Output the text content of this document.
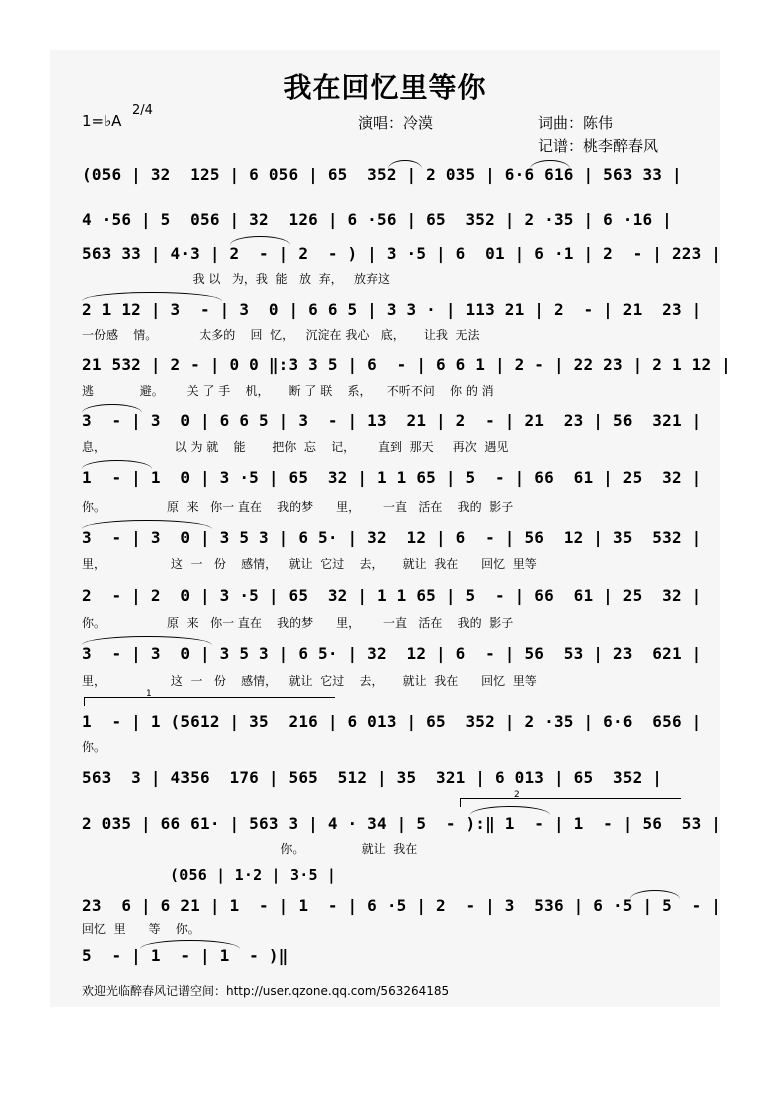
我在回忆里等你
1=♭A
2/4
演唱：冷漠	词曲：陈伟
记谱：桃李醉春风
(056 | 32  125 | 6 056 | 65  352 | 2 035 | 6·6 616 | 563 33 |
4 ·56 | 5  056 | 32  126 | 6 ·56 | 65  352 | 2 ·35 | 6 ·16 |
563 33 | 4·3 | 2  - | 2  - ) | 3 ·5 | 6  01 | 6 ·1 | 2  - | 223 |
我 以   为，我  能   放  弃，   放弃这
2 1 12 | 3  - | 3  0 | 6 6 5 | 3 3 · | 113 21 | 2  - | 21  23 |
一份感    情。           太多的    回  忆，   沉淀在 我心   底，     让我  无法
21 532 | 2 - | 0 0 ‖:3 3 5 | 6  - | 6 6 1 | 2 - | 22 23 | 2 1 12 |
逃            避。      关 了 手    机，     断 了 联    系，    不听不问    你 的 消
3  - | 3  0 | 6 6 5 | 3  - | 13  21 | 2  - | 21  23 | 56  321 |
息，                  以 为 就    能       把你  忘    记，      直到  那天     再次  遇见
1  - | 1  0 | 3 ·5 | 65  32 | 1 1 65 | 5  - | 66  61 | 25  32 |
你。                原  来   你一 直在    我的梦      里，      一直   活在    我的  影子
3  - | 3  0 | 3 5 3 | 6 5· | 32  12 | 6  - | 56  12 | 35  532 |
里，                 这  一   份    感情，   就让  它过    去，     就让  我在      回忆  里等
2  - | 2  0 | 3 ·5 | 65  32 | 1 1 65 | 5  - | 66  61 | 25  32 |
你。                原  来   你一 直在    我的梦      里，      一直   活在    我的  影子
3  - | 3  0 | 3 5 3 | 6 5· | 32  12 | 6  - | 56  53 | 23  621 |
里，                 这  一   份    感情，   就让  它过    去，     就让  我在      回忆  里等
1
1  - | 1 (5612 | 35  216 | 6 013 | 65  352 | 2 ·35 | 6·6  656 |
你。
563  3 | 4356  176 | 565  512 | 35  321 | 6 013 | 65  352 |
2
2 035 | 66 61· | 563 3 | 4 · 34 | 5  - ):‖ 1  - | 1  - | 56  53 |
你。               就让  我在
(056 | 1·2 | 3·5 |
23  6 | 6 21 | 1  - | 1  - | 6 ·5 | 2  - | 3  536 | 6 ·5 | 5  - |
回忆  里      等    你。
5  - | 1  - | 1  - )‖
欢迎光临醉春风记谱空间：http://user.qzone.qq.com/563264185
